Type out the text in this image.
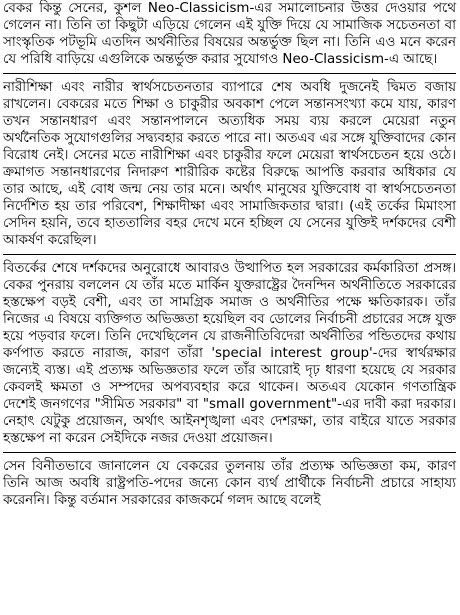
বেকর কিন্তু সেনের, কুশল Neo-Classicism-এর সমালোচনার উত্তর দেওয়ার পথে গেলেন না। তিনি তা কিছুটা এড়িয়ে গেলেন এই যুক্তি দিয়ে যে সামাজিক সচেতনতা বা সাংস্কৃতিক পটভূমি এতদিন অর্থনীতির বিষয়ের অন্তর্ভুক্ত ছিল না। তিনি এও মনে করেন যে পরিধি বাড়িয়ে এগুলিকে অন্তর্ভুক্ত করার সুযোগও Neo-Classicism-এ আছে।

নারীশিক্ষা এবং নারীর স্বার্থসচেতনতার ব্যাপারে শেষ অবধি দুজনেই দ্বিমত বজায় রাখলেন। বেকরের মতে শিক্ষা ও চাকুরীর অবকাশ পেলে সন্তানসংখ্যা কমে যায়, কারণ তখন সন্তানধারণ এবং সন্তানপালনে অত্যধিক সময় ব্যয় করলে মেয়েরা নতুন অর্থনৈতিক সুযোগগুলির সদ্ব্যবহার করতে পারে না। অতএব এর সঙ্গে যুক্তিবাদের কোন বিরোধ নেই। সেনের মতে নারীশিক্ষা এবং চাকুরীর ফলে মেয়েরা স্বার্থসচেতন হয়ে ওঠে। ক্রমাগত সন্তানধারণের নিদারুণ শারীরিক কষ্টের বিরুদ্ধে আপত্তি করবার অধিকার যে তার আছে, এই বোধ জন্ম নেয় তার মনে। অর্থাৎ মানুষের যুক্তিবোধ বা স্বার্থসচেতনতা নির্দেশিত হয় তার পরিবেশ, শিক্ষাদীক্ষা এবং সামাজিকতার দ্বারা। (এই তর্কের মিমাংসা সেদিন হয়নি, তবে হাততালির বহর দেখে মনে হচ্ছিল যে সেনের যুক্তিই দর্শকদের বেশী আকর্ষণ করেছিল।

বিতর্কের শেষে দর্শকদের অনুরোধে আবারও উত্থাপিত হল সরকারের কর্মকারিতা প্রসঙ্গ। বেকর পুনরায় বললেন যে তাঁর মতে মার্কিন যুক্তরাষ্ট্রের দৈনন্দিন অর্থনীতিতে সরকারের হস্তক্ষেপ বড়ই বেশী, এবং তা সামগ্রিক সমাজ ও অর্থনীতির পক্ষে ক্ষতিকারক। তাঁর নিজের এ বিষয়ে ব্যক্তিগত অভিজ্ঞতা হয়েছিল বব ডোলের নির্বাচনী প্রচারের সঙ্গে যুক্ত হয়ে পড়বার ফলে। তিনি দেখেছিলেন যে রাজনীতিবিদেরা অর্থনীতির পন্ডিতদের কথায় কর্ণপাত করতে নারাজ, কারণ তাঁরা 'special interest group'-দের স্বার্থরক্ষার জন্যেই ব্যস্ত। এই প্রত্যক্ষ অভিজ্ঞতার ফলে তাঁর আরোই দৃঢ় ধারণা হয়েছে যে সরকার কেবলই ক্ষমতা ও সম্পদের অপব্যবহার করে থাকেন। অতএব যেকোন গণতান্ত্রিক দেশেই জনগণের "সীমিত সরকার" বা "small government"-এর দাবী করা দরকার। নেহাৎ যেটুকু প্রয়োজন, অর্থাৎ আইনশৃঙ্খলা এবং দেশরক্ষা, তার বাইরে যাতে সরকার হস্তক্ষেপ না করেন সেইদিকে নজর দেওয়া প্রয়োজন।

সেন বিনীতভাবে জানালেন যে বেকরের তুলনায় তাঁর প্রত্যক্ষ অভিজ্ঞতা কম, কারণ তিনি আজ অবধি রাষ্ট্রপতি-পদের জন্যে কোন ব্যর্থ প্রার্থীকে নির্বাচনী প্রচারে সাহায্য করেননি। কিন্তু বর্তমান সরকারের কাজকর্মে গলদ আছে বলেই
